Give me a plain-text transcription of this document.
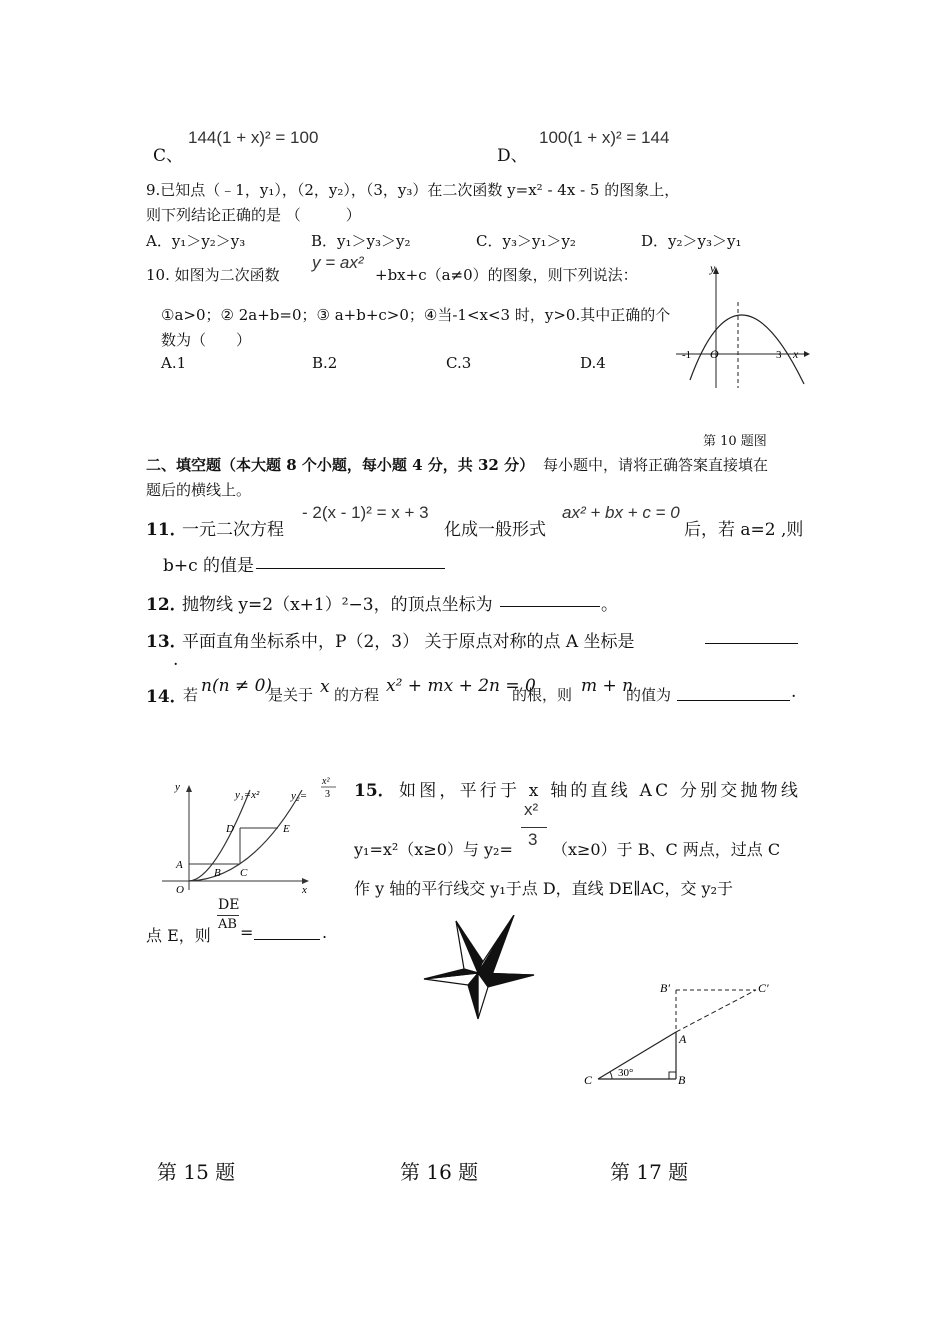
C、
144(1 + x)² = 100
D、
100(1 + x)² = 144
9.已知点（﹣1，y₁），（2，y₂），（3，y₃）在二次函数 y=x² - 4x - 5 的图象上，
则下列结论正确的是 （　　　）
A．y₁＞y₂＞y₃	B．y₁＞y₃＞y₂	C．y₃＞y₁＞y₂	D．y₂＞y₃＞y₁
10. 如图为二次函数
y = ax²
+bx+c（a≠0）的图象，则下列说法：
①a>0；② 2a+b=0；③ a+b+c>0；④当-1<x<3 时，y>0.其中正确的个
数为（　　）
A.1	B.2	C.3	D.4
y
x
O
-1	3
第 10 题图
二、填空题（本大题 8 个小题，每小题 4 分，共 32 分） 每小题中，请将正确答案直接填在
题后的横线上。
11．
一元二次方程
- 2(x - 1)² = x + 3
化成一般形式
ax² + bx + c = 0
后，若 a=2 ,则
b+c 的值是
12．
抛物线 y=2（x+1）²−3，的顶点坐标为	。
13．
平面直角坐标系中，P（2，3） 关于原点对称的点 A 坐标是
.
14．
若 n(n ≠ 0)
是关于 x 的方程 x² + mx + 2n = 0
的根，则 m + n
的值为	.
y
x
O
A
B C
D	E
y₁=x²	y₂=
x²
3 15． 如图，平行于 x 轴的直线 AC 分别交抛物线
x²
3
y₁=x²（x≥0）与 y₂= （x≥0）于 B、C 两点，过点 C
作 y 轴的平行线交 y₁于点 D，直线 DE∥AC，交 y₂于
点 E，则
DE
AB =	.
B′	C′
A
B
C 30°
第 15 题	第 16 题	第 17 题
